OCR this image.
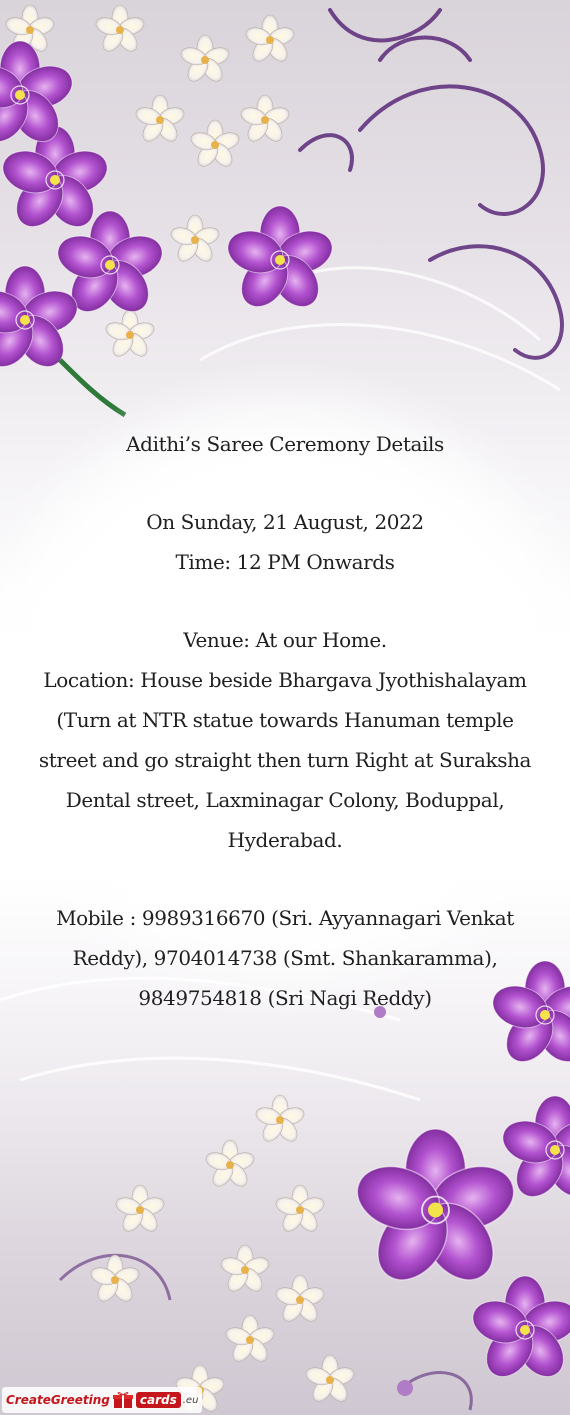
Adithi’s Saree Ceremony Details
On Sunday, 21 August, 2022
Time: 12 PM Onwards
Venue: At our Home.
Location: House beside Bhargava Jyothishalayam
(Turn at NTR statue towards Hanuman temple
street and go straight then turn Right at Suraksha
Dental street, Laxminagar Colony, Boduppal,
Hyderabad.
Mobile : 9989316670 (Sri. Ayyannagari Venkat
Reddy), 9704014738 (Smt. Shankaramma),
9849754818 (Sri Nagi Reddy)
CreateGreeting	cards .eu
